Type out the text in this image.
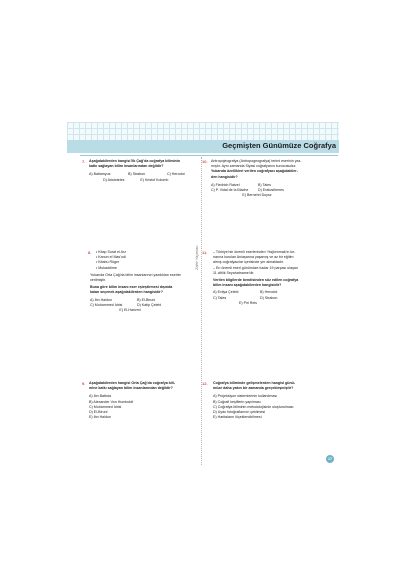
Geçmişten Günümüze Coğrafya
Zafer Yayınları
7. Aşağıdakilerden hangisi İlk Çağ’da coğrafya biliminin
katkı sağlayan bilim insanlarından değildir?
A) Batlamyus	B) Strabon	C) Herodot
D) Aristoteles	E) Kristof Kolomb
10. Antropojeografya (Antropogeografya) terimi eserinin yaz-
mıştır. Aynı zamanda Siyasi coğrafyanın kurucusudur.
Yukarıda özellikleri verilen coğrafyacı aşağıdakiler-
den hangisidir?
A) Fiedrich Ratzel	B) Tales
C) P. Vidal de la Blache	D) Eratosthenes
E) Bernehri Duysz
8. • Kitap Surat el Arz
• Kanun el Mas’udi
• Kitabu Rüger
• Mukaddime
Yukarıda Orta Çağ’da bilim insanlarının yazdıkları eserler
verilmiştir.
Buna göre bilim insanı eser eşleştirmesi dışında
kalan seçenek aşağıdakilerden hangisidir?
A) İbn Haldun	B) El-Biruni
C) Muhammed İdrisi	D) Katip Çelebi
E) El-Harizmi
11. – Türkiye’nin önemli eserlerinden ‘Hajlornmak’ın ke-
narına kurulan Anlaşarına yaşamış ve az bir eğitim
almış coğrafyacılar içerisinde yer almaktadır.
– En önemli eseri günümüze kadar 19 parçası ulaşan
11 ciltlik Seyahatname’dir.
Verilen bilgilerde bendisinden söz edilen coğrafya
bilim insanı aşağıdakilerden hangisidir?
A) Evliya Çelebi	B) Herodot
C) Tales	D) Strabon
E) Piri Reis
9. Aşağıdakilerden hangisi Orta Çağ’da coğrafya bili-
mine katkı sağlayan bilim insanlarından değildir?
A) İbn Battuta
B) Alexander Von Humboldt
C) Muhammed İdrisi
D) El-Biruni
E) İbn Haldun
12. Coğrafya biliminde gelişmelerden hangisi günü-
müze daha yakın bir zamanda gerçekleşmiştir?
A) Projeksiyon sistemlerinin kullanılması
B) Coğrafi keşiflerin yapılması
C) Coğrafya biliminin metodolojisinin oluşturulması
D) Uydu fotoğraflarının çekilmesi
E) Haritaların ölçeklendirilmesi
17
